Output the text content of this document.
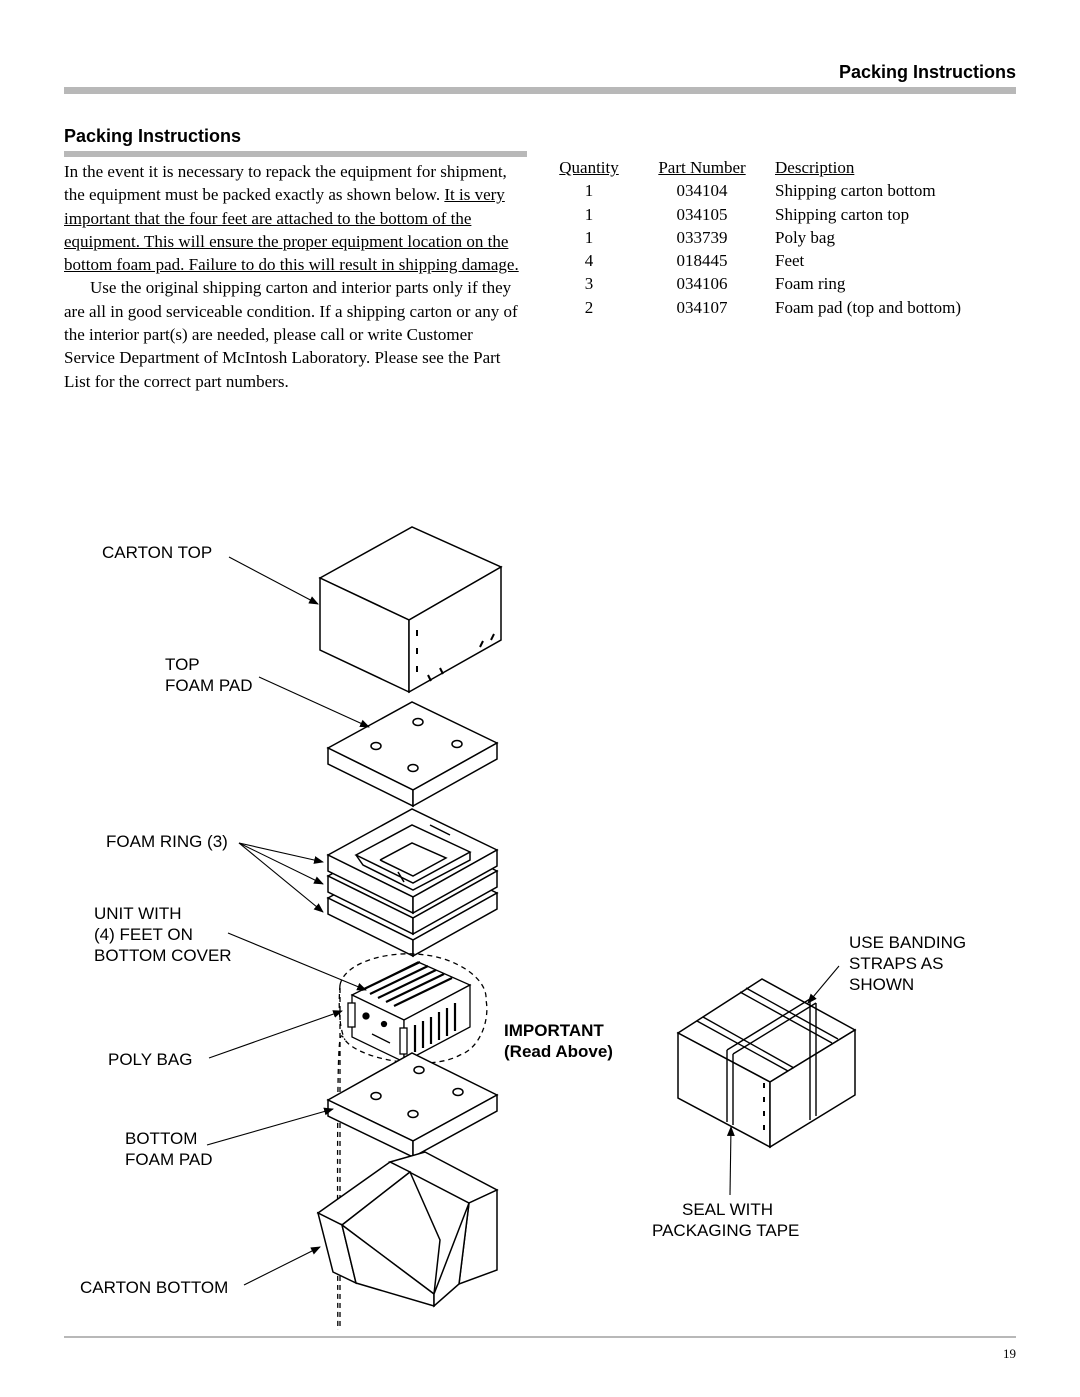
Packing Instructions
Packing Instructions

In the event it is necessary to repack the equipment for shipment, the equipment must be packed exactly as shown below. It is very important that the four feet are attached to the bottom of the equipment. This will ensure the proper equipment location on the bottom foam pad. Failure to do this will result in shipping damage.

Use the original shipping carton and interior parts only if they are all in good serviceable condition. If a shipping carton or any of the interior part(s) are needed, please call or write Customer Service Department of McIntosh Laboratory. Please see the Part List for the correct part numbers.

Quantity	Part Number	Description
1	034104	Shipping carton bottom
1	034105	Shipping carton top
1	033739	Poly bag
4	018445	Feet
3	034106	Foam ring
2	034107	Foam pad (top and bottom)
CARTON TOP
TOP
FOAM PAD
FOAM RING (3)
UNIT WITH
(4) FEET ON
BOTTOM COVER
POLY BAG
BOTTOM
FOAM PAD
CARTON BOTTOM
IMPORTANT
(Read Above)
USE BANDING
STRAPS AS
SHOWN
SEAL WITH
PACKAGING TAPE
19
